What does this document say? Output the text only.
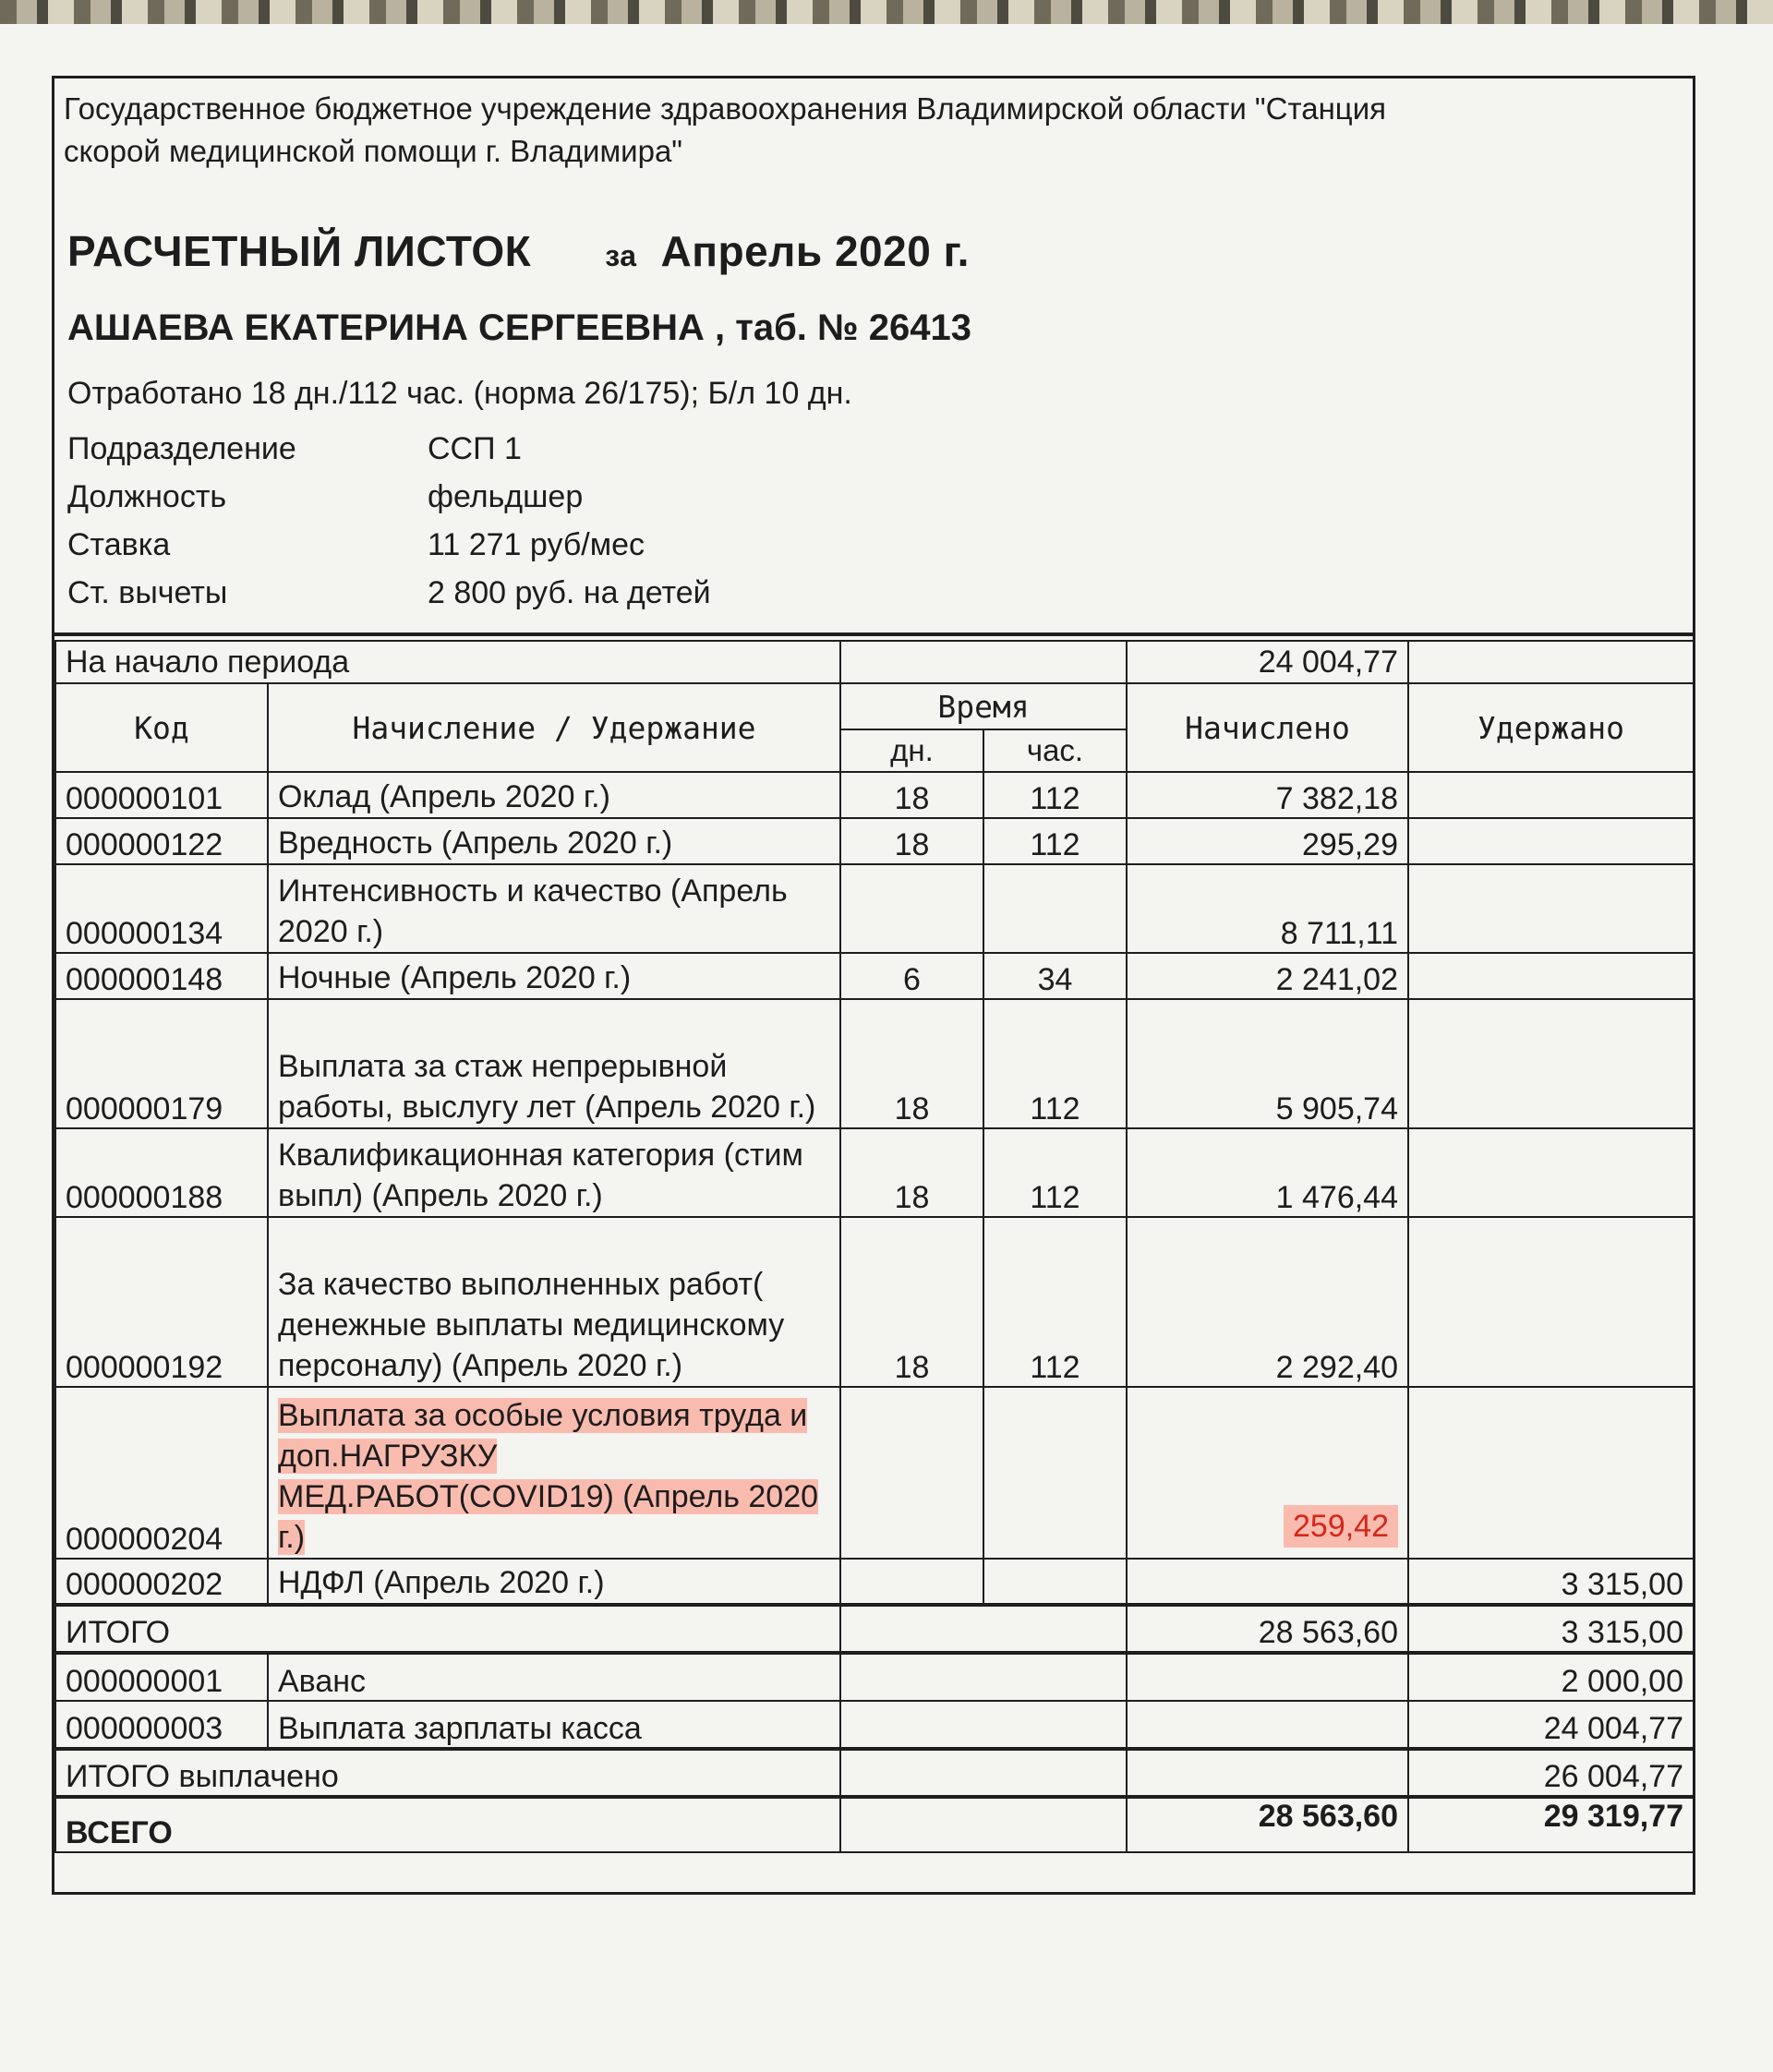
Государственное бюджетное учреждение здравоохранения Владимирской области "Станция
скорой медицинской помощи г. Владимира"
РАСЧЕТНЫЙ ЛИСТОК	за Апрель 2020 г.
АШАЕВА ЕКАТЕРИНА СЕРГЕЕВНА , таб. № 26413
Отработано 18 дн./112 час. (норма 26/175); Б/л 10 дн.
Подразделение	ССП 1
Должность	фельдшер
Ставка	11 271 руб/мес
Ст. вычеты	2 800 руб. на детей
На начало периода				24 004,77	
Код	Начисление / Удержание	Время		Начислено	Удержано
		дн.	час.		
000000101	Оклад (Апрель 2020 г.)	18	112	7 382,18	
000000122	Вредность (Апрель 2020 г.)	18	112	295,29	
000000134	Интенсивность и качество (Апрель 2020 г.)			8 711,11	
000000148	Ночные (Апрель 2020 г.)	6	34	2 241,02	
000000179	Выплата за стаж непрерывной работы, выслугу лет (Апрель 2020 г.)	18	112	5 905,74	
000000188	Квалификационная категория (стим выпл) (Апрель 2020 г.)	18	112	1 476,44	
000000192	За качество выполненных работ( денежные выплаты медицинскому персоналу) (Апрель 2020 г.)	18	112	2 292,40	
000000204	Выплата за особые условия труда и доп.НАГРУЗКУ МЕД.РАБОТ(COVID19) (Апрель 2020 г.)			259,42	
000000202	НДФЛ (Апрель 2020 г.)				3 315,00
ИТОГО				28 563,60	3 315,00
000000001	Аванс				2 000,00
000000003	Выплата зарплаты касса				24 004,77
ИТОГО выплачено					26 004,77
ВСЕГО				28 563,60	29 319,77
